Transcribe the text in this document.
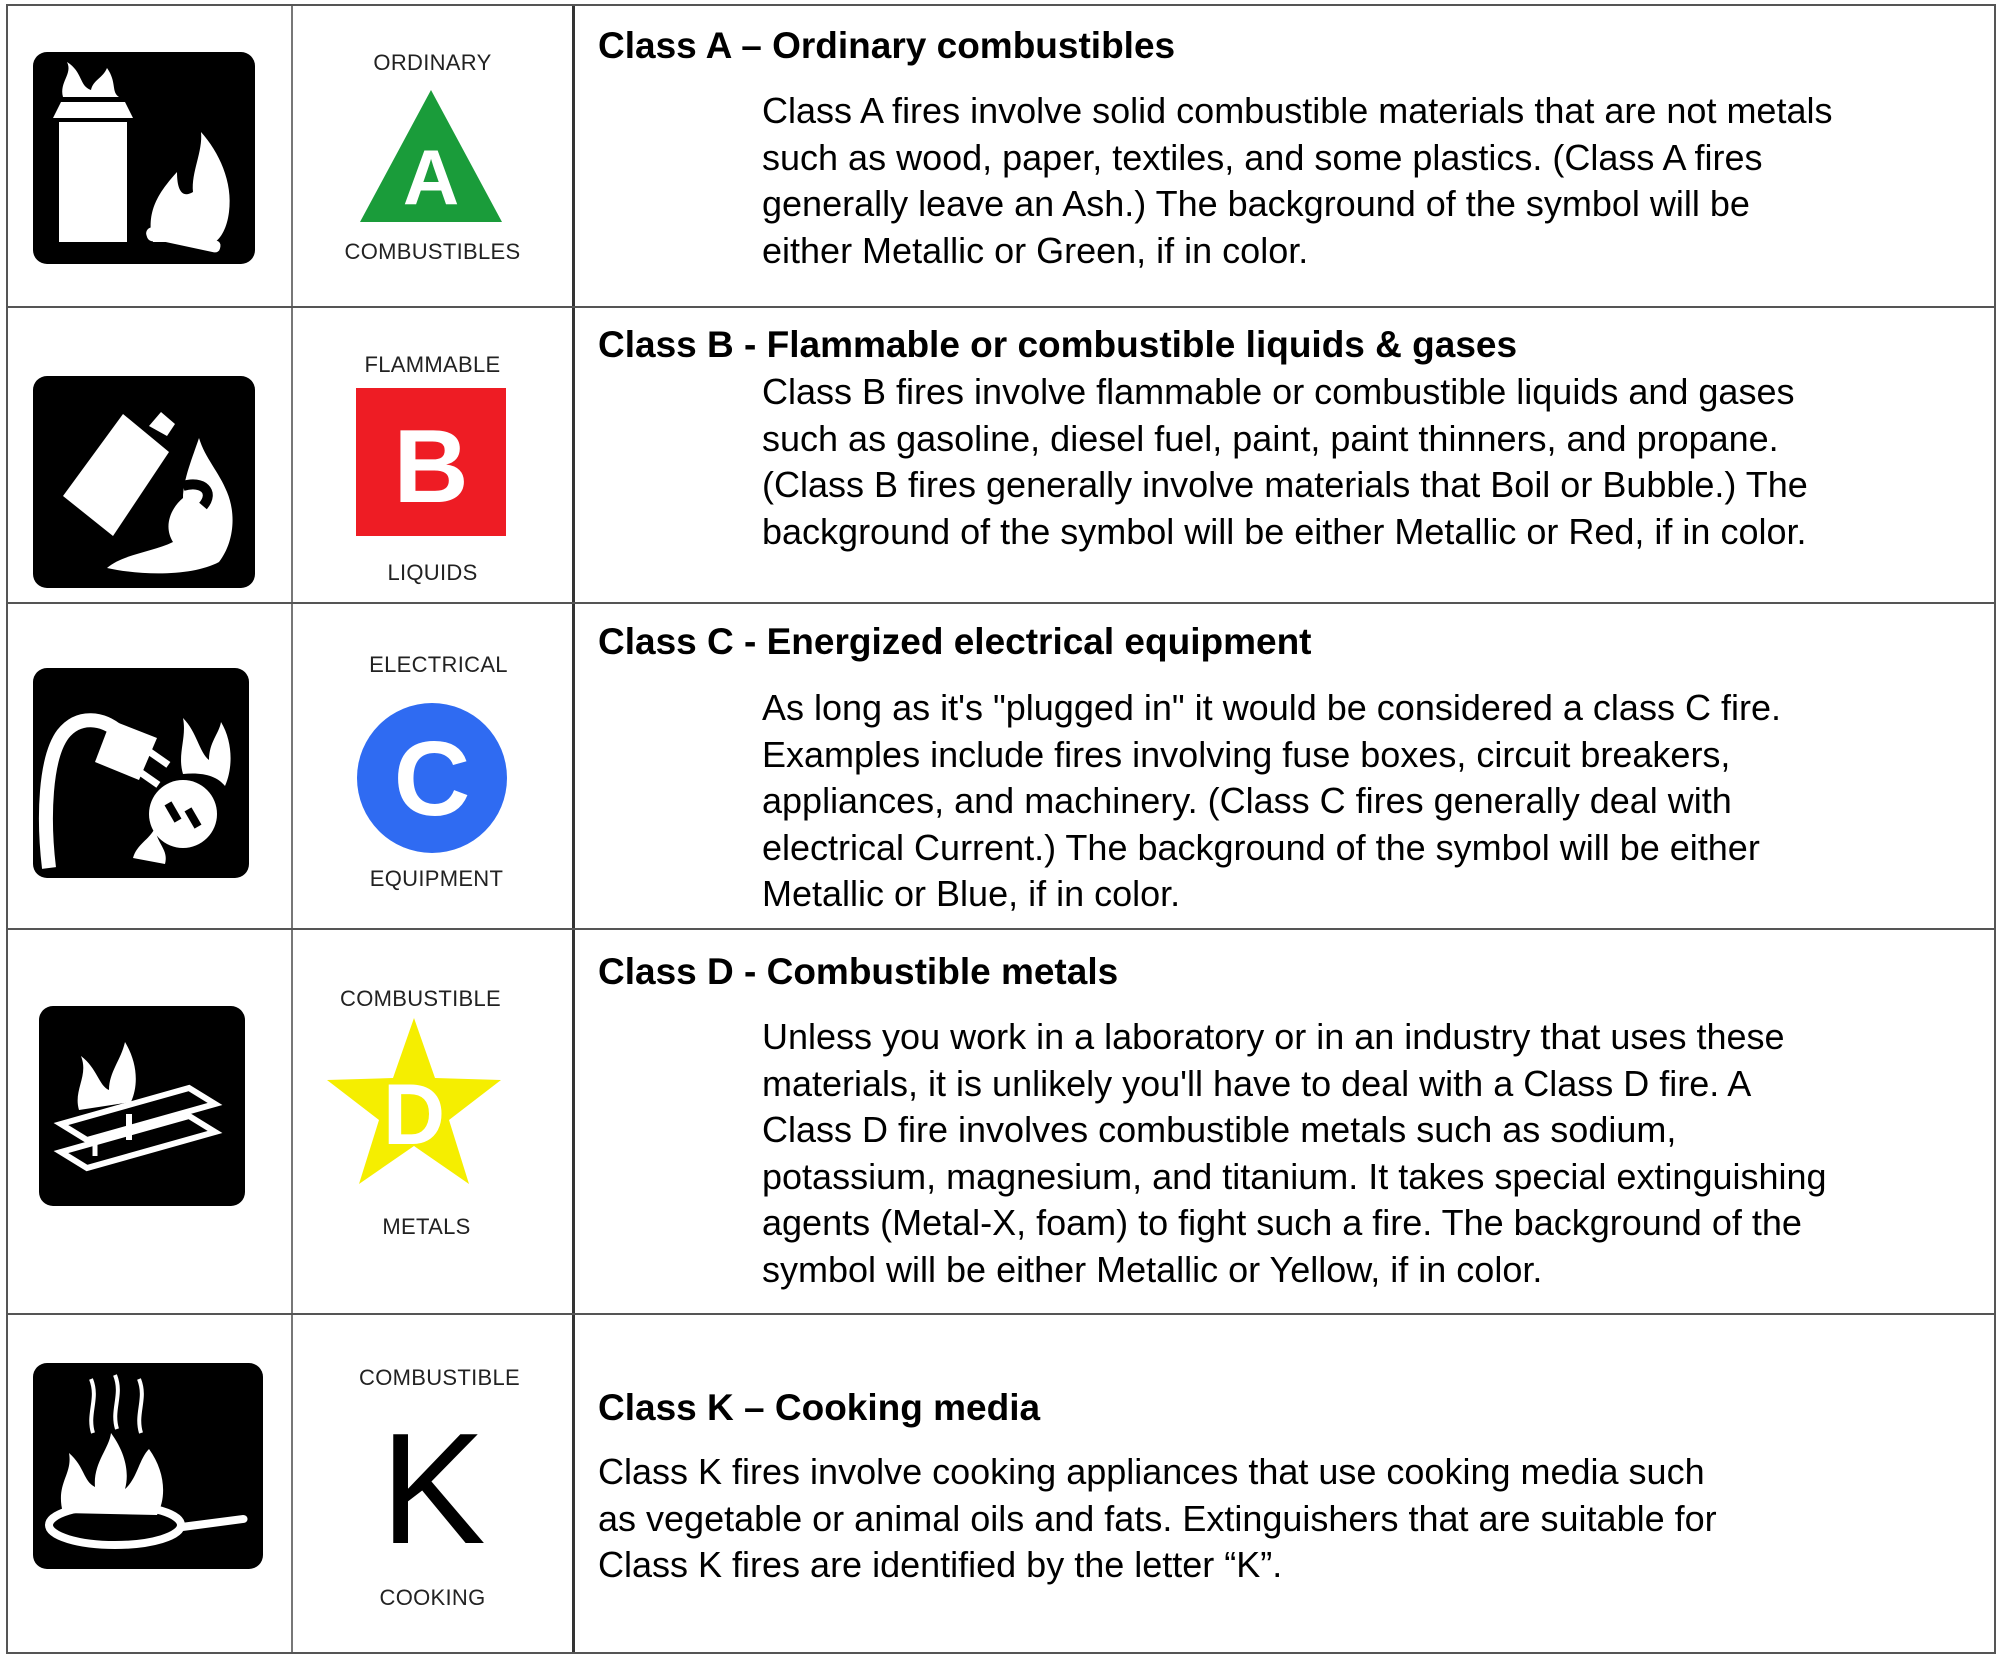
ORDINARY
A
COMBUSTIBLES
Class A – Ordinary combustibles
Class A fires involve solid combustible materials that are not metals
such as wood, paper, textiles, and some plastics. (Class A fires
generally leave an Ash.) The background of the symbol will be
either Metallic or Green, if in color.
FLAMMABLE
B
LIQUIDS
Class B - Flammable or combustible liquids & gases
Class B fires involve flammable or combustible liquids and gases
such as gasoline, diesel fuel, paint, paint thinners, and propane.
(Class B fires generally involve materials that Boil or Bubble.) The
background of the symbol will be either Metallic or Red, if in color.
ELECTRICAL
C
EQUIPMENT
Class C - Energized electrical equipment
As long as it's "plugged in" it would be considered a class C fire.
Examples include fires involving fuse boxes, circuit breakers,
appliances, and machinery. (Class C fires generally deal with
electrical Current.) The background of the symbol will be either
Metallic or Blue, if in color.
COMBUSTIBLE
D
METALS
Class D - Combustible metals
Unless you work in a laboratory or in an industry that uses these
materials, it is unlikely you'll have to deal with a Class D fire. A
Class D fire involves combustible metals such as sodium,
potassium, magnesium, and titanium. It takes special extinguishing
agents (Metal-X, foam) to fight such a fire. The background of the
symbol will be either Metallic or Yellow, if in color.
COMBUSTIBLE
K
COOKING
Class K – Cooking media
Class K fires involve cooking appliances that use cooking media such
as vegetable or animal oils and fats. Extinguishers that are suitable for
Class K fires are identified by the letter “K”.
